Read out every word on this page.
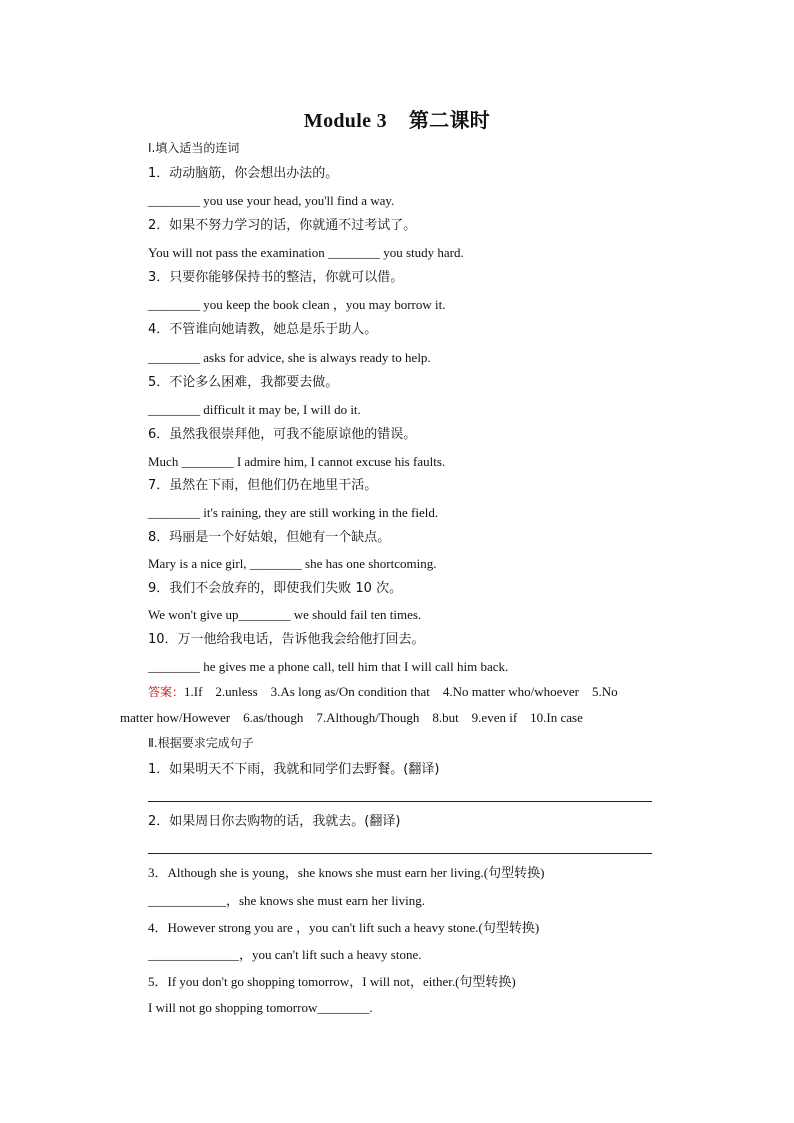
Module 3 第二课时
Ⅰ.填入适当的连词
1．动动脑筋，你会想出办法的。
________ you use your head, you'll find a way.
2．如果不努力学习的话，你就通不过考试了。
You will not pass the examination ________ you study hard.
3．只要你能够保持书的整洁，你就可以借。
________ you keep the book clean ，you may borrow it.
4．不管谁向她请教，她总是乐于助人。
________ asks for advice, she is always ready to help.
5．不论多么困难，我都要去做。
________ difficult it may be, I will do it.
6．虽然我很崇拜他，可我不能原谅他的错误。
Much ________ I admire him, I cannot excuse his faults.
7．虽然在下雨，但他们仍在地里干活。
________ it's raining, they are still working in the field.
8．玛丽是一个好姑娘，但她有一个缺点。
Mary is a nice girl, ________ she has one shortcoming.
9．我们不会放弃的，即使我们失败 10 次。
We won't give up________ we should fail ten times.
10．万一他给我电话，告诉他我会给他打回去。
________ he gives me a phone call, tell him that I will call him back.
答案：1.If　2.unless　3.As long as/On condition that　4.No matter who/whoever　5.No
matter how/However　6.as/though　7.Although/Though　8.but　9.even if　10.In case
Ⅱ.根据要求完成句子
1．如果明天不下雨，我就和同学们去野餐。(翻译)
2．如果周日你去购物的话，我就去。(翻译)
3．Although she is young，she knows she must earn her living.(句型转换)
____________，she knows she must earn her living.
4．However strong you are ，you can't lift such a heavy stone.(句型转换)
______________，you can't lift such a heavy stone.
5．If you don't go shopping tomorrow，I will not，either.(句型转换)
I will not go shopping tomorrow________.
